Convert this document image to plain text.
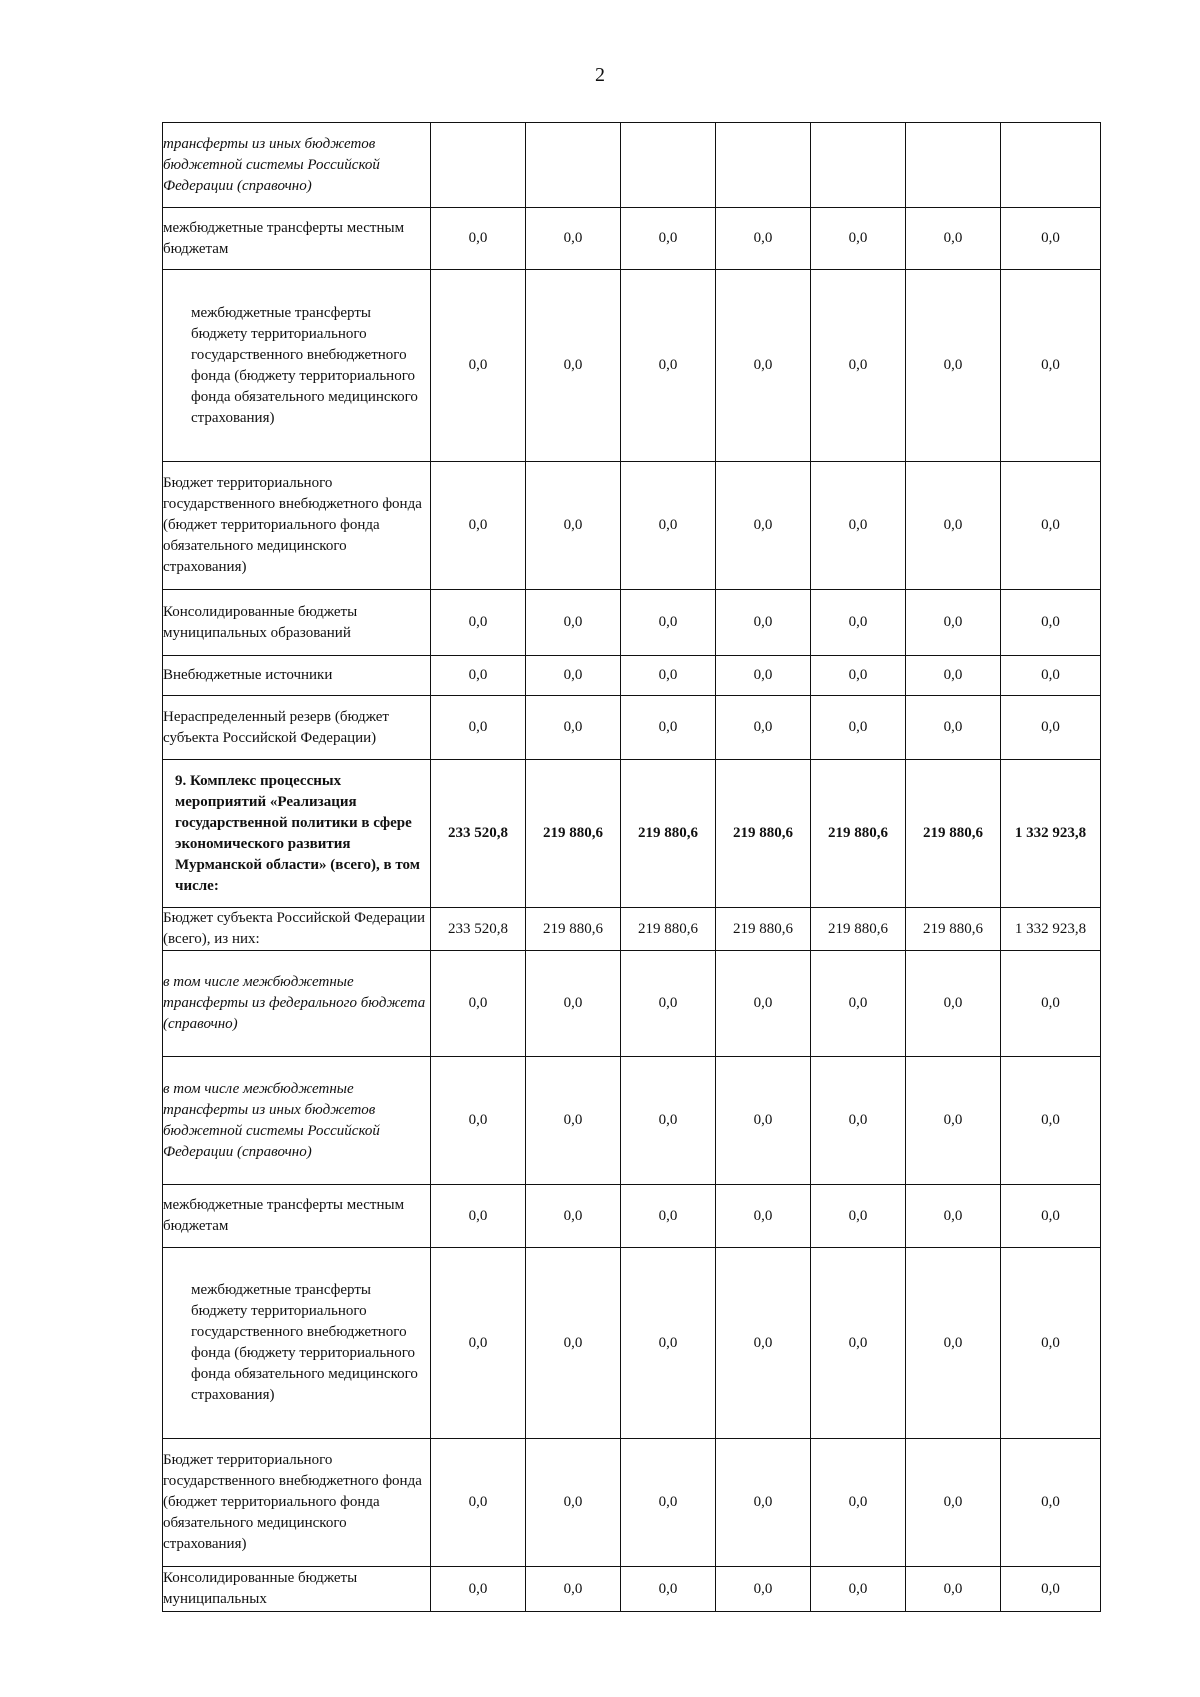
2
трансферты из иных бюджетов бюджетной системы Российской Федерации (справочно)							
межбюджетные трансферты местным бюджетам	0,0	0,0	0,0	0,0	0,0	0,0	0,0
межбюджетные трансферты бюджету территориального государственного внебюджетного фонда (бюджету территориального фонда обязательного медицинского страхования)	0,0	0,0	0,0	0,0	0,0	0,0	0,0
Бюджет территориального государственного внебюджетного фонда (бюджет территориального фонда обязательного медицинского страхования)	0,0	0,0	0,0	0,0	0,0	0,0	0,0
Консолидированные бюджеты муниципальных образований	0,0	0,0	0,0	0,0	0,0	0,0	0,0
Внебюджетные источники	0,0	0,0	0,0	0,0	0,0	0,0	0,0
Нераспределенный резерв (бюджет субъекта Российской Федерации)	0,0	0,0	0,0	0,0	0,0	0,0	0,0
9. Комплекс процессных мероприятий «Реализация государственной политики в сфере экономического развития Мурманской области» (всего), в том числе:	233 520,8	219 880,6	219 880,6	219 880,6	219 880,6	219 880,6	1 332 923,8
Бюджет субъекта Российской Федерации (всего), из них:	233 520,8	219 880,6	219 880,6	219 880,6	219 880,6	219 880,6	1 332 923,8
в том числе межбюджетные трансферты из федерального бюджета (справочно)	0,0	0,0	0,0	0,0	0,0	0,0	0,0
в том числе межбюджетные трансферты из иных бюджетов бюджетной системы Российской Федерации (справочно)	0,0	0,0	0,0	0,0	0,0	0,0	0,0
межбюджетные трансферты местным бюджетам	0,0	0,0	0,0	0,0	0,0	0,0	0,0
межбюджетные трансферты бюджету территориального государственного внебюджетного фонда (бюджету территориального фонда обязательного медицинского страхования)	0,0	0,0	0,0	0,0	0,0	0,0	0,0
Бюджет территориального государственного внебюджетного фонда (бюджет территориального фонда обязательного медицинского страхования)	0,0	0,0	0,0	0,0	0,0	0,0	0,0
Консолидированные бюджеты муниципальных	0,0	0,0	0,0	0,0	0,0	0,0	0,0
